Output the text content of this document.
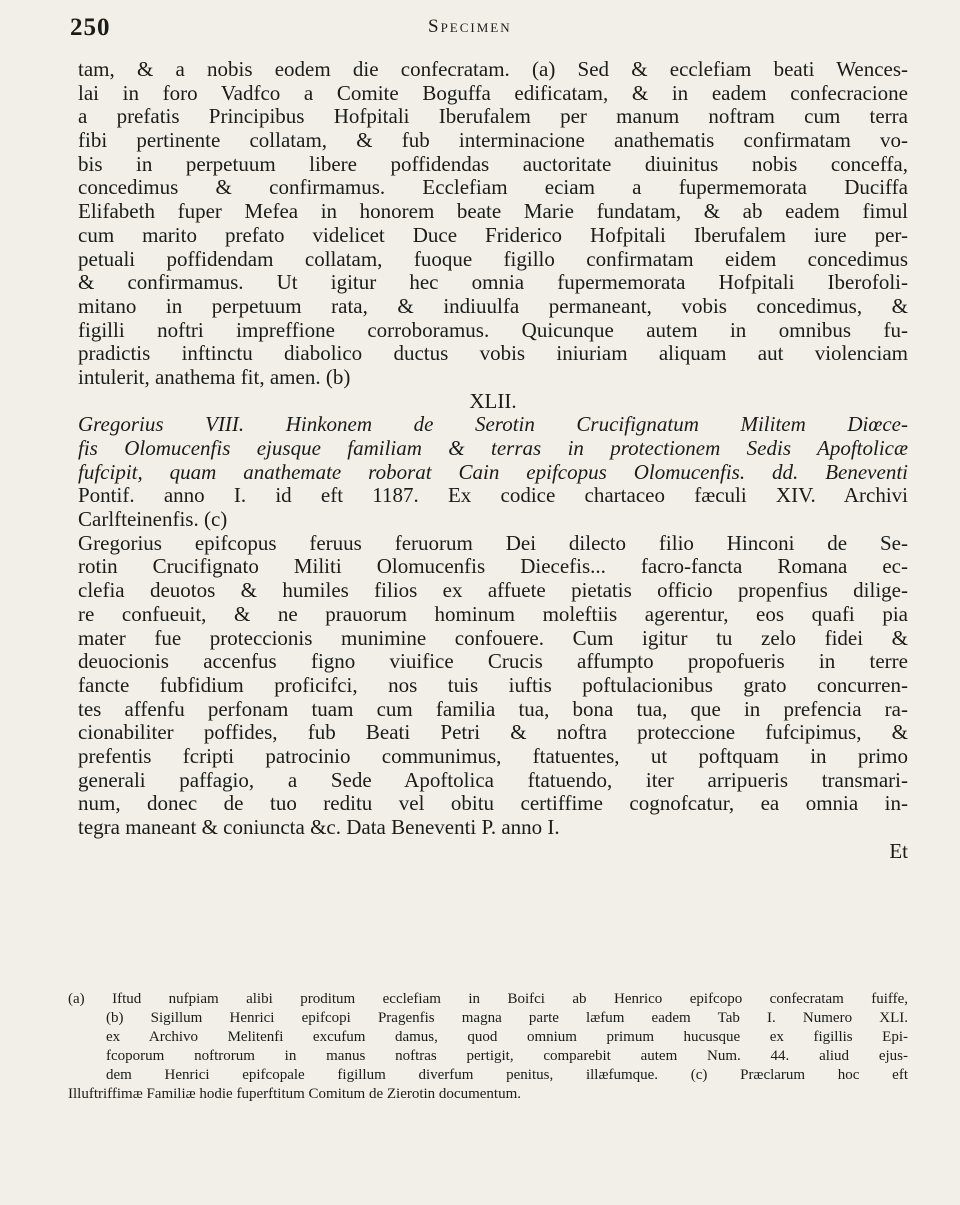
250	Specimen
tam, & a nobis eodem die confecratam. (a) Sed & ecclefiam beati Wences-
lai in foro Vadfco a Comite Boguffa edificatam, & in eadem confecracione
a prefatis Principibus Hofpitali Iberufalem per manum noftram cum terra
fibi pertinente collatam, & fub interminacione anathematis confirmatam vo-
bis in perpetuum libere poffidendas auctoritate diuinitus nobis conceffa,
concedimus & confirmamus. Ecclefiam eciam a fupermemorata Duciffa
Elifabeth fuper Mefea in honorem beate Marie fundatam, & ab eadem fimul
cum marito prefato videlicet Duce Friderico Hofpitali Iberufalem iure per-
petuali poffidendam collatam, fuoque figillo confirmatam eidem concedimus
& confirmamus. Ut igitur hec omnia fupermemorata Hofpitali Iberofoli-
mitano in perpetuum rata, & indiuulfa permaneant, vobis concedimus, &
figilli noftri impreffione corroboramus. Quicunque autem in omnibus fu-
pradictis inftinctu diabolico ductus vobis iniuriam aliquam aut violenciam
intulerit, anathema fit, amen. (b)
XLII.
Gregorius VIII. Hinkonem de Serotin Crucifignatum Militem Diœce-
fis Olomucenfis ejusque familiam & terras in protectionem Sedis Apoftolicæ
fufcipit, quam anathemate roborat Cain epifcopus Olomucenfis. dd. Beneventi
Pontif. anno I. id eft 1187. Ex codice chartaceo fæculi XIV. Archivi
Carlfteinenfis. (c)
Gregorius epifcopus feruus feruorum Dei dilecto filio Hinconi de Se-
rotin Crucifignato Militi Olomucenfis Diecefis... facro-fancta Romana ec-
clefia deuotos & humiles filios ex affuete pietatis officio propenfius dilige-
re confueuit, & ne prauorum hominum moleftiis agerentur, eos quafi pia
mater fue proteccionis munimine confouere. Cum igitur tu zelo fidei &
deuocionis accenfus figno viuifice Crucis affumpto propofueris in terre
fancte fubfidium proficifci, nos tuis iuftis poftulacionibus grato concurren-
tes affenfu perfonam tuam cum familia tua, bona tua, que in prefencia ra-
cionabiliter poffides, fub Beati Petri & noftra proteccione fufcipimus, &
prefentis fcripti patrocinio communimus, ftatuentes, ut poftquam in primo
generali paffagio, a Sede Apoftolica ftatuendo, iter arripueris transmari-
num, donec de tuo reditu vel obitu certiffime cognofcatur, ea omnia in-
tegra maneant & coniuncta &c. Data Beneventi P. anno I.
Et
(a) Iftud nufpiam alibi proditum ecclefiam in Boifci ab Henrico epifcopo confecratam fuiffe,
(b) Sigillum Henrici epifcopi Pragenfis magna parte læfum eadem Tab I. Numero XLI.
ex Archivo Melitenfi excufum damus, quod omnium primum hucusque ex figillis Epi-
fcoporum noftrorum in manus noftras pertigit, comparebit autem Num. 44. aliud ejus-
dem Henrici epifcopale figillum diverfum penitus, illæfumque. (c) Præclarum hoc eft
Illuftriffimæ Familiæ hodie fuperftitum Comitum de Zierotin documentum.
